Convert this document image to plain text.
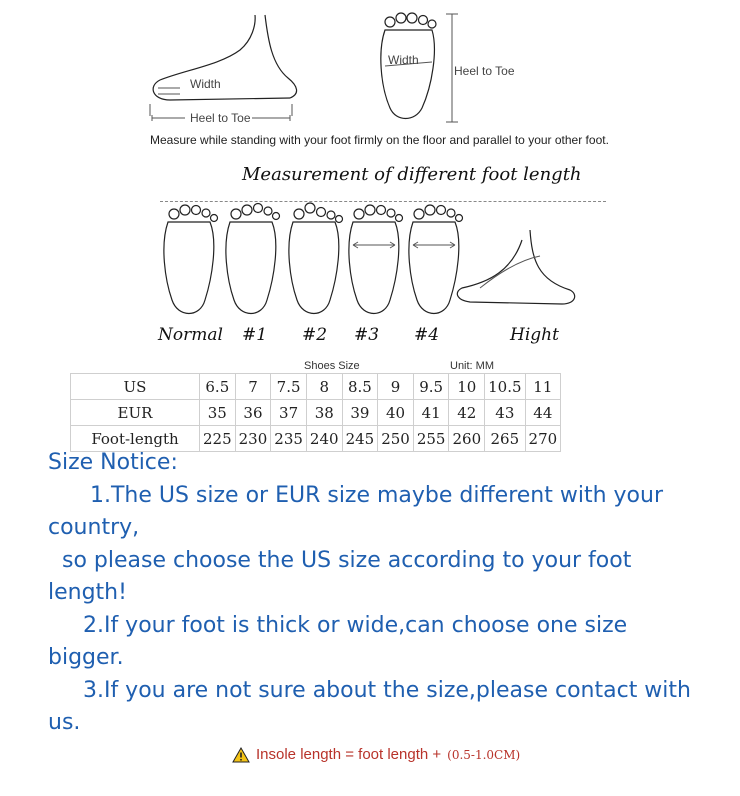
Width
Heel to Toe
Width
Heel to Toe
Measure while standing with your foot firmly on the floor and parallel to your other foot.
Measurement of different foot length
Normal #1 #2 #3 #4	Hight
Shoes Size	Unit: MM
US	6.5	7	7.5	8	8.5	9	9.5	10	10.5	11
EUR	35	36	37	38	39	40	41	42	43	44
Foot-length	225	230	235	240	245	250	255	260	265	270

Size Notice:

1.The US size or EUR size maybe different with your country,

so please choose the US size according to your foot length!

2.If your foot is thick or wide,can choose one size bigger.

3.If you are not sure about the size,please contact with us.

Insole length = foot length + (0.5-1.0CM)
